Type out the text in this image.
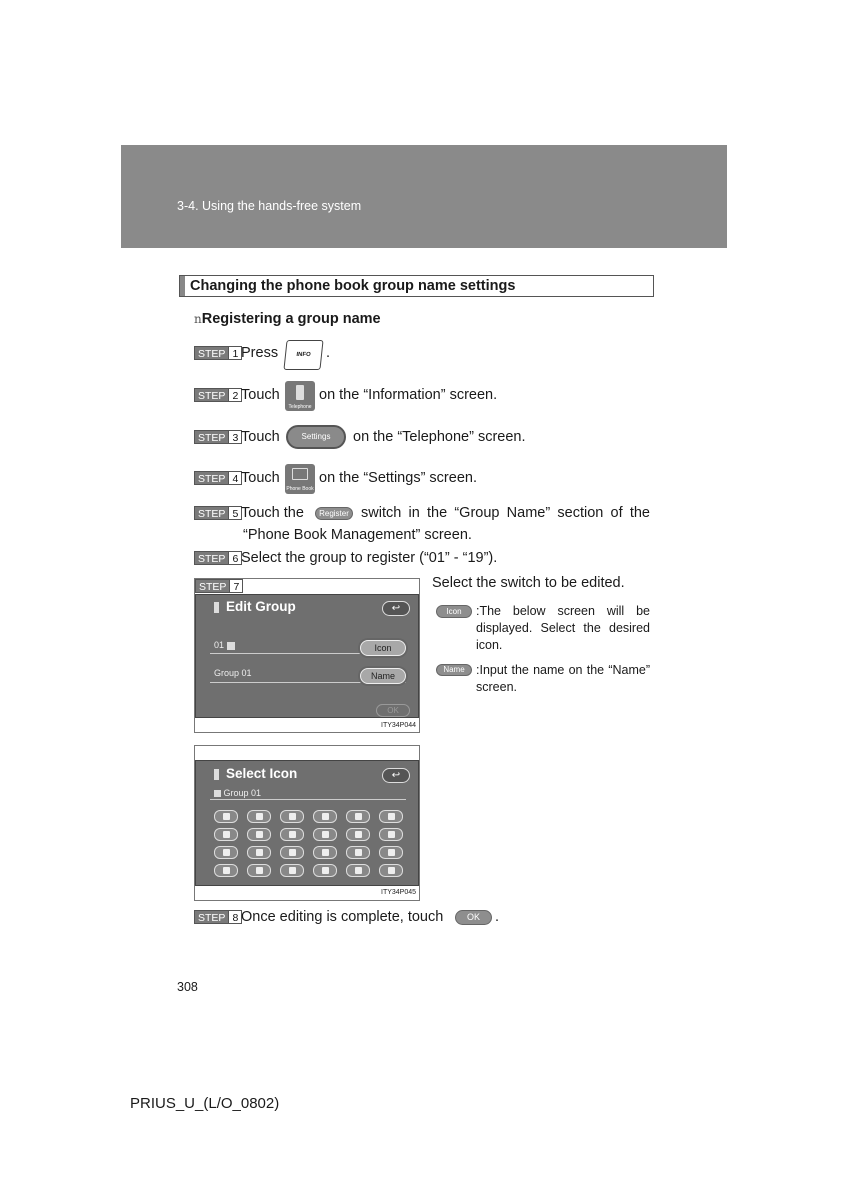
3-4. Using the hands-free system
Changing the phone book group name settings
nRegistering a group name
STEP 1 Press	INFO	.
STEP 2 Touch
Telephone
on the “Information” screen.
STEP 3 Touch	Settings	on the “Telephone” screen.
STEP 4 Touch
Phone Book
on the “Settings” screen.
STEP 5 Touch the	Register switch in the “Group Name” section of the
“Phone Book Management” screen.
STEP 6 Select the group to register (“01” - “19”).
STEP 7
Edit Group	↩
01	Icon
Group 01	Name
OK
ITY34P044
Select the switch to be edited.
Icon	:The below screen will be displayed. Select the desired icon.
Name :Input the name on the “Name” screen.
Select Icon	↩
Group 01
ITY34P045
STEP 8 Once editing is complete, touch	OK	.
308
PRIUS_U_(L/O_0802)
